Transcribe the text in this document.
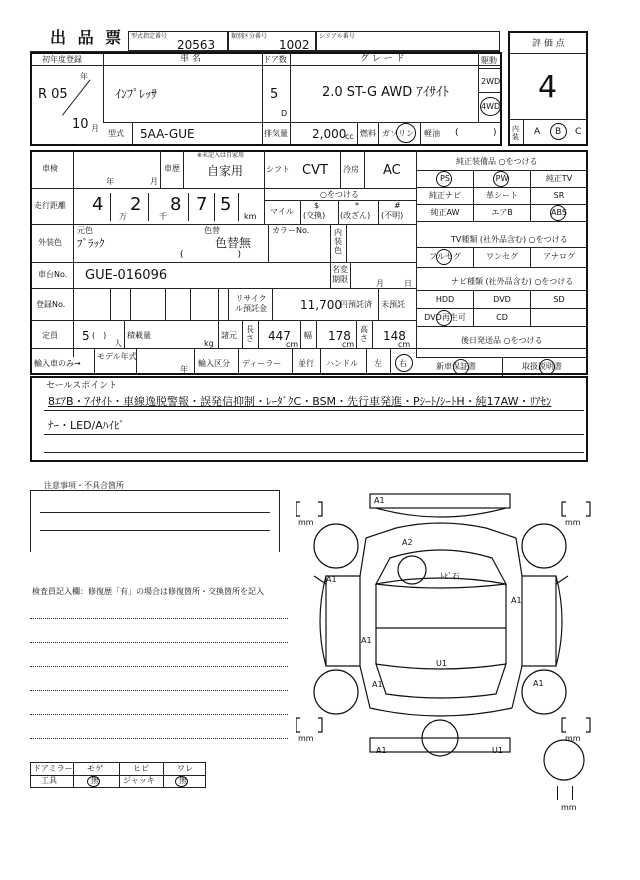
出 品 票 型式指定番号
20563
類別区分番号
1002
シリアル番号
評 価 点
4
内装	A B C
初年度登録
年
R 05
10 月
車 名
ｲﾝﾌﾟﾚｯｻ
ドア数
5
D
グ レ ー ド
2.0 ST-G AWD ｱｲｻｲﾄ
駆動
2WD
4WD
型式 5AA-GUE	排気量 2,000
cc 燃料 ガソリン 軽油 (	)
車検
年	月
車歴
※未記入は自家用
自家用	シフト CVT 冷房 AC
走行距離 4 2 8 7 5
万	千	km
○をつける
マイル
$
(交換)
*
(改ざん)
#
(不明)
外装色
元色
ﾌﾞﾗｯｸ
色替
色替無
(　　　　　　)
カラーNo.	内装色
車台No. GUE-016096	名変期限	月	日
登録No.
リサイクル預託金	11,700
円預託済 未預託
定員 5 (　)
人
積載量
kg
諸元
長さ 447
cm
幅 178
cm
高さ 148
cm
輸入車のみ→
モデル年式
年
輸入区分 ディーラー 並行 ハンドル 左 右
純正装備品 ○をつける
TV種類 (社外品含む) ○をつける
ナビ種類 (社外品含む) ○をつける
後日発送品 ○をつける
PS	PW	純正TV
純正ナビ	革シート	SR
純正AW	エアB	ABS
フルセグ	ワンセグ	アナログ
HDD	DVD	SD
DVD再生可	CD
新車保証書	取扱説明書
セールスポイント
8ｴｱB・ｱｲｻｲﾄ・車線逸脱警報・誤発信抑制・ﾚｰﾀﾞｸC・BSM・先行車発進・Pｼｰﾄ/ｼｰﾄH・純17AW・ﾘｱｾﾝ
ﾅｰ・LED/Aﾊｲﾋﾞ
注意事項・不具合箇所
検査員記入欄：修復歴「有」の場合は修復箇所・交換箇所を記入
A1
A2
ﾄﾋﾞ石
A1
A1
A1
U1
A1	A1
U1
A1
mm	mm
mm	mm
mm
ドアミラー モゲ	ヒビ	ワレ
工具	無	ジャッキ	無
